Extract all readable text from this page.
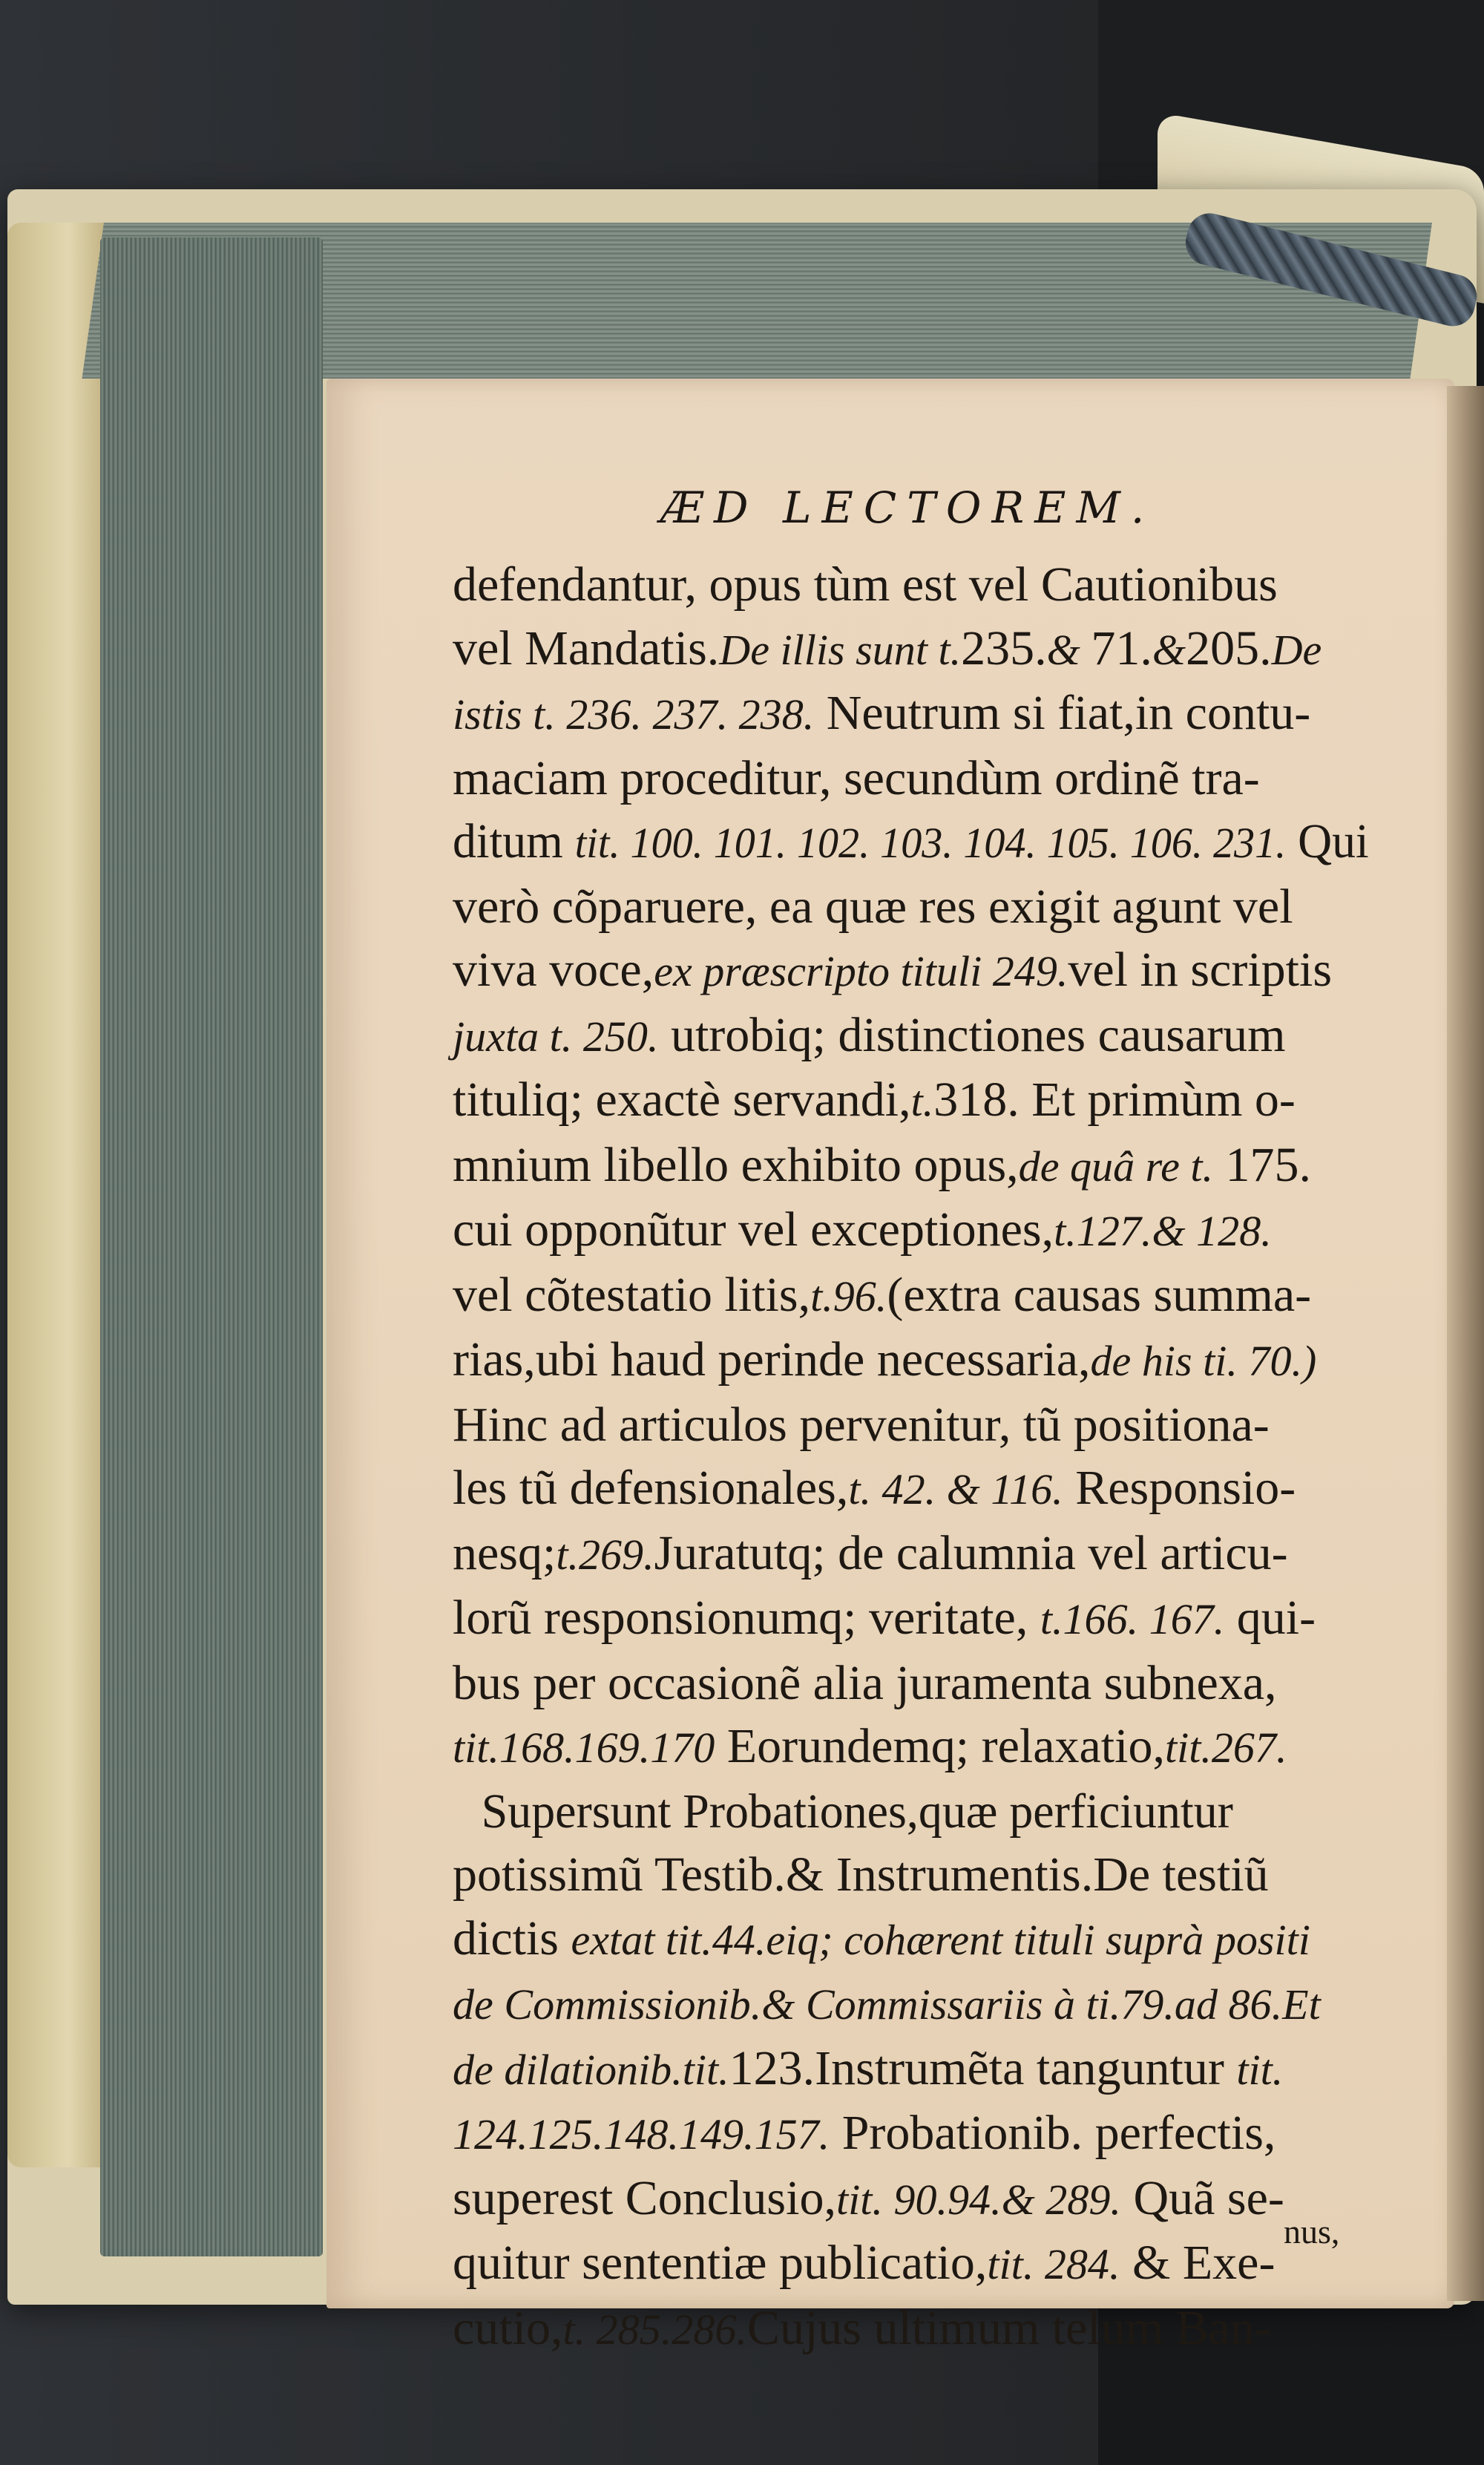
ÆD LECTOREM.
defendantur, opus tùm est vel Cautionibus
vel Mandatis.De illis sunt t.235.& 71.&205.De
istis t. 236. 237. 238. Neutrum si fiat,in contu-
maciam proceditur, secundùm ordinẽ tra-
ditum tit. 100. 101. 102. 103. 104. 105. 106. 231. Qui
verò cõparuere, ea quæ res exigit agunt vel
viva voce,ex præscripto tituli 249.vel in scriptis
juxta t. 250. utrobiq; distinctiones causarum
tituliq; exactè servandi,t.318. Et primùm o-
mnium libello exhibito opus,de quâ re t. 175.
cui opponũtur vel exceptiones,t.127.& 128.
vel cõtestatio litis,t.96.(extra causas summa-
rias,ubi haud perinde necessaria,de his ti. 70.)
Hinc ad articulos pervenitur, tũ positiona-
les tũ defensionales,t. 42. & 116. Responsio-
nesq;t.269.Juratutq; de calumnia vel articu-
lorũ responsionumq; veritate, t.166. 167. qui-
bus per occasionẽ alia juramenta subnexa,
tit.168.169.170 Eorundemq; relaxatio,tit.267.
Supersunt Probationes,quæ perficiuntur
potissimũ Testib.& Instrumentis.De testiũ
dictis extat tit.44.eiq; cohærent tituli suprà positi
de Commissionib.& Commissariis à ti.79.ad 86.Et
de dilationib.tit.123.Instrumẽta tanguntur tit.
124.125.148.149.157. Probationib. perfectis,
superest Conclusio,tit. 90.94.& 289. Quã se-
quitur sententiæ publicatio,tit. 284. & Exe-
cutio,t. 285.286.Cujus ultimum telum Ban-
nus,
